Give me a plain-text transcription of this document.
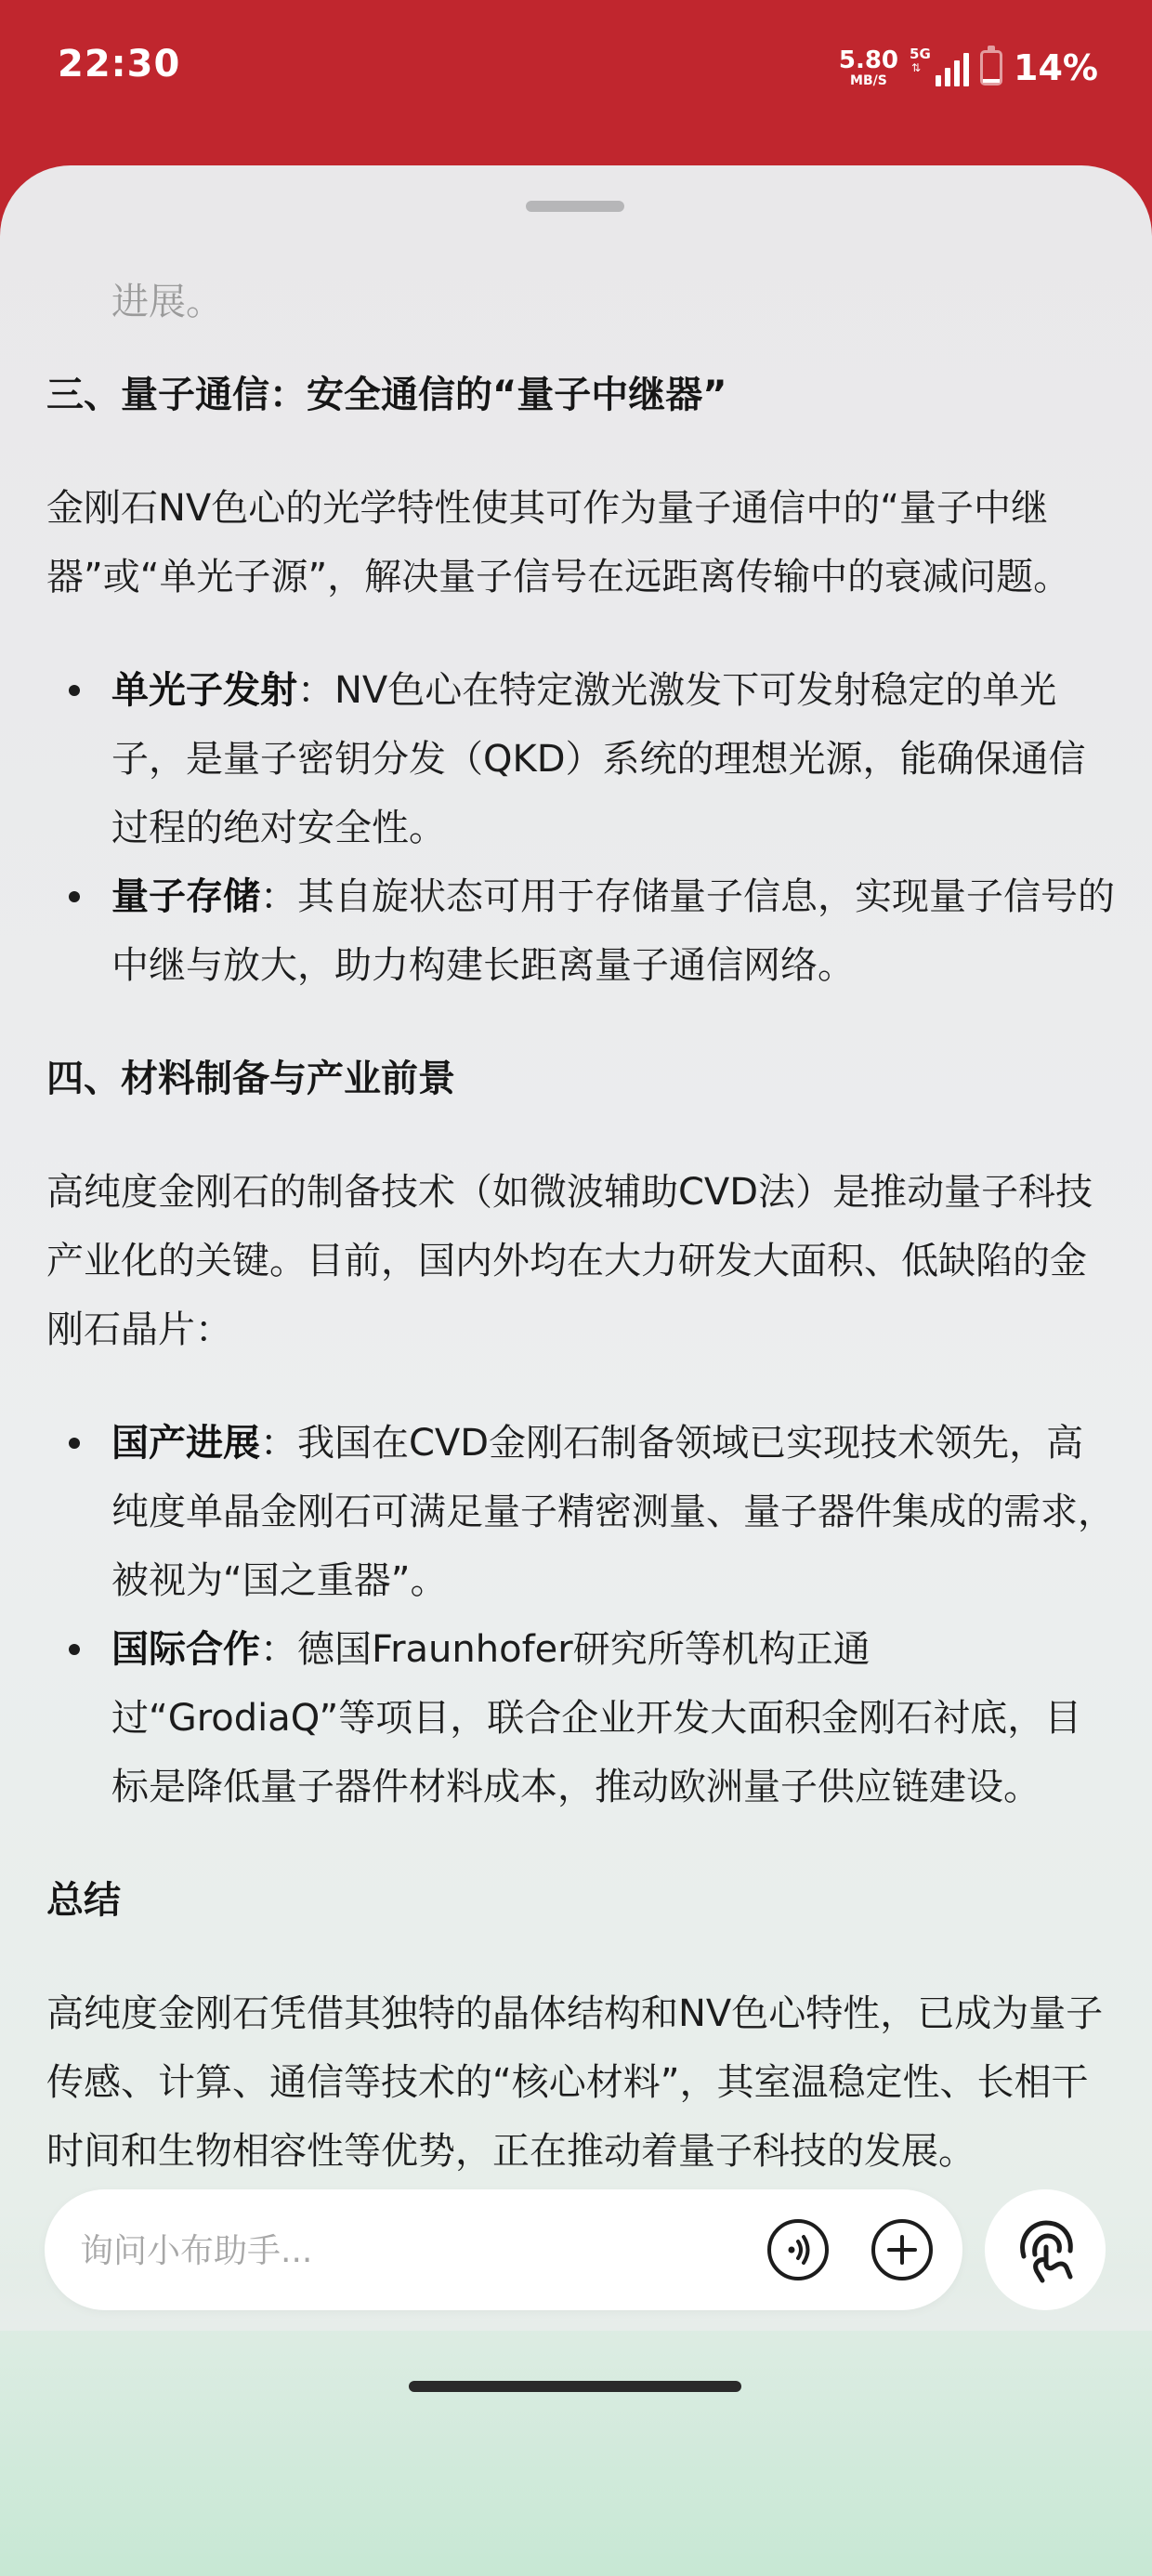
22:30	5.80
MB/S
5G
⇅	14%

进展。

三、量子通信：安全通信的“量子中继器”

金刚石NV色心的光学特性使其可作为量子通信中的“量子中继器”或“单光子源”，解决量子信号在远距离传输中的衰减问题。

单光子发射：NV色心在特定激光激发下可发射稳定的单光子，是量子密钥分发（QKD）系统的理想光源，能确保通信过程的绝对安全性。
量子存储：其自旋状态可用于存储量子信息，实现量子信号的中继与放大，助力构建长距离量子通信网络。
四、材料制备与产业前景

高纯度金刚石的制备技术（如微波辅助CVD法）是推动量子科技产业化的关键。目前，国内外均在大力研发大面积、低缺陷的金刚石晶片：

国产进展：我国在CVD金刚石制备领域已实现技术领先，高纯度单晶金刚石可满足量子精密测量、量子器件集成的需求，被视为“国之重器”。
国际合作：德国Fraunhofer研究所等机构正通过“GrodiaQ”等项目，联合企业开发大面积金刚石衬底，目标是降低量子器件材料成本，推动欧洲量子供应链建设。
总结

高纯度金刚石凭借其独特的晶体结构和NV色心特性，已成为量子传感、计算、通信等技术的“核心材料”，其室温稳定性、长相干时间和生物相容性等优势，正在推动着量子科技的发展。

询问小布助手...
